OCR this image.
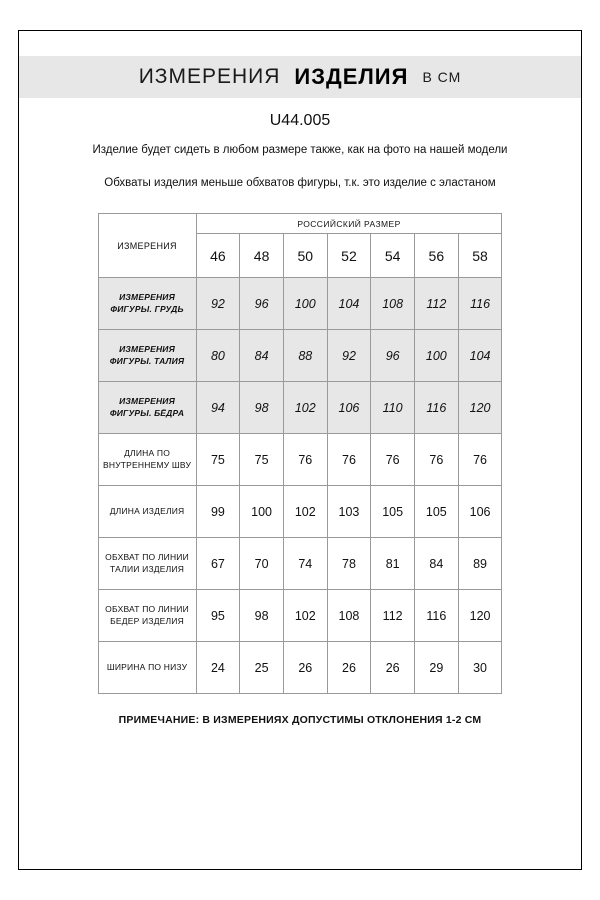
ИЗМЕРЕНИЯ ИЗДЕЛИЯ В СМ
U44.005
Изделие будет сидеть в любом размере также, как на фото на нашей модели
Обхваты изделия меньше обхватов фигуры, т.к. это изделие с эластаном
ИЗМЕРЕНИЯ	РОССИЙСКИЙ РАЗМЕР						
	46	48	50	52	54	56	58
ИЗМЕРЕНИЯ ФИГУРЫ. ГРУДЬ	92	96	100	104	108	112	116
ИЗМЕРЕНИЯ ФИГУРЫ. ТАЛИЯ	80	84	88	92	96	100	104
ИЗМЕРЕНИЯ ФИГУРЫ. БЁДРА	94	98	102	106	110	116	120
ДЛИНА ПО ВНУТРЕННЕМУ ШВУ	75	75	76	76	76	76	76
ДЛИНА ИЗДЕЛИЯ	99	100	102	103	105	105	106
ОБХВАТ ПО ЛИНИИ ТАЛИИ ИЗДЕЛИЯ	67	70	74	78	81	84	89
ОБХВАТ ПО ЛИНИИ БЕДЕР ИЗДЕЛИЯ	95	98	102	108	112	116	120
ШИРИНА ПО НИЗУ	24	25	26	26	26	29	30
ПРИМЕЧАНИЕ: В ИЗМЕРЕНИЯХ ДОПУСТИМЫ ОТКЛОНЕНИЯ 1-2 СМ
